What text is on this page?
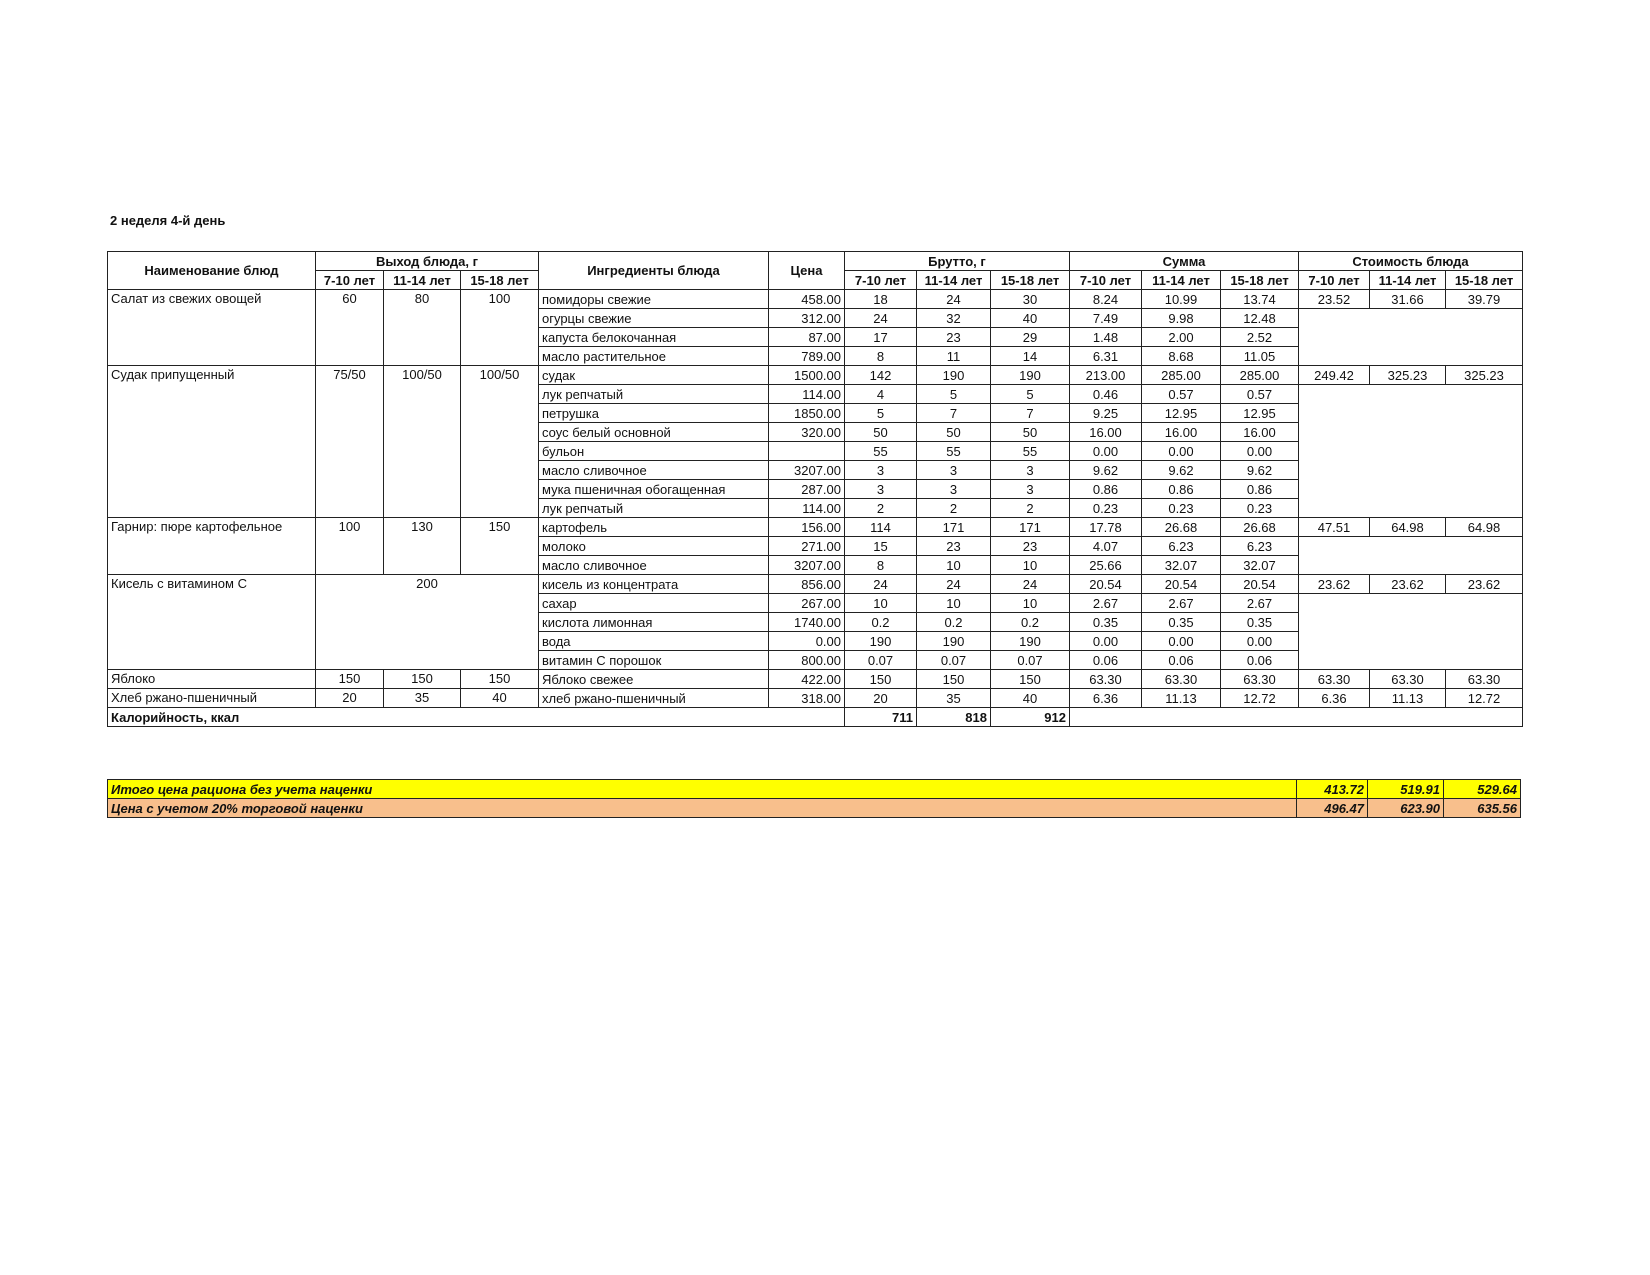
2 неделя 4-й день
Наименование блюд	Выход блюда, г			Ингредиенты блюда	Цена	Брутто, г			Сумма			Стоимость блюда		
	7-10 лет	11-14 лет	15-18 лет			7-10 лет	11-14 лет	15-18 лет	7-10 лет	11-14 лет	15-18 лет	7-10 лет	11-14 лет	15-18 лет
Салат из свежих овощей	60	80	100	помидоры свежие	458.00	18	24	30	8.24	10.99	13.74	23.52	31.66	39.79
				огурцы свежие	312.00	24	32	40	7.49	9.98	12.48			
				капуста белокочанная	87.00	17	23	29	1.48	2.00	2.52			
				масло растительное	789.00	8	11	14	6.31	8.68	11.05			
Судак припущенный	75/50	100/50	100/50	судак	1500.00	142	190	190	213.00	285.00	285.00	249.42	325.23	325.23
				лук репчатый	114.00	4	5	5	0.46	0.57	0.57			
				петрушка	1850.00	5	7	7	9.25	12.95	12.95			
				соус белый основной	320.00	50	50	50	16.00	16.00	16.00			
				бульон		55	55	55	0.00	0.00	0.00			
				масло сливочное	3207.00	3	3	3	9.62	9.62	9.62			
				мука пшеничная обогащенная	287.00	3	3	3	0.86	0.86	0.86			
				лук репчатый	114.00	2	2	2	0.23	0.23	0.23			
Гарнир: пюре картофельное	100	130	150	картофель	156.00	114	171	171	17.78	26.68	26.68	47.51	64.98	64.98
				молоко	271.00	15	23	23	4.07	6.23	6.23			
				масло сливочное	3207.00	8	10	10	25.66	32.07	32.07			
Кисель с витамином С	200			кисель из концентрата	856.00	24	24	24	20.54	20.54	20.54	23.62	23.62	23.62
				сахар	267.00	10	10	10	2.67	2.67	2.67			
				кислота лимонная	1740.00	0.2	0.2	0.2	0.35	0.35	0.35			
				вода	0.00	190	190	190	0.00	0.00	0.00			
				витамин С порошок	800.00	0.07	0.07	0.07	0.06	0.06	0.06			
Яблоко	150	150	150	Яблоко свежее	422.00	150	150	150	63.30	63.30	63.30	63.30	63.30	63.30
Хлеб ржано-пшеничный	20	35	40	хлеб ржано-пшеничный	318.00	20	35	40	6.36	11.13	12.72	6.36	11.13	12.72
Калорийность, ккал						711	818	912						
Итого цена рациона без учета наценки	413.72	519.91	529.64
Цена с учетом 20% торговой наценки	496.47	623.90	635.56
